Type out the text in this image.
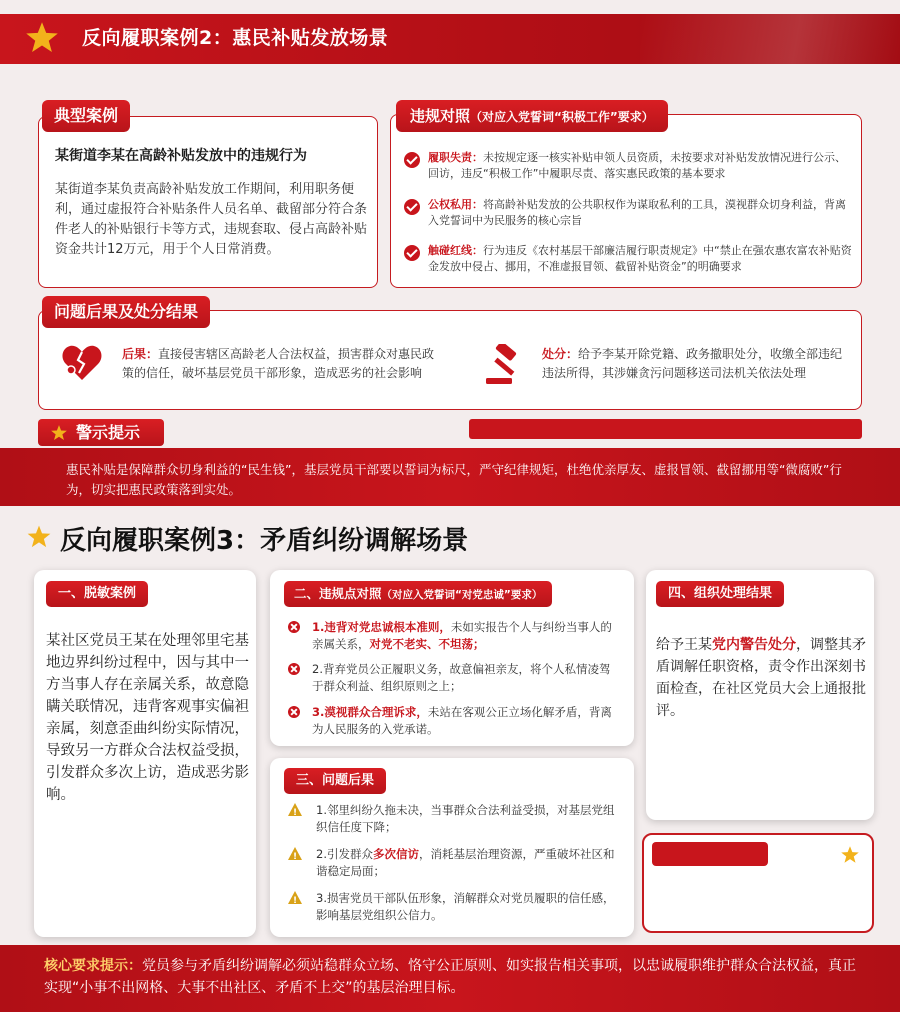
反向履职案例2：惠民补贴发放场景
典型案例
某街道李某在高龄补贴发放中的违规行为
某街道李某负责高龄补贴发放工作期间，利用职务便利，通过虚报符合补贴条件人员名单、截留部分符合条件老人的补贴银行卡等方式，违规套取、侵占高龄补贴资金共计12万元，用于个人日常消费。
违规对照（对应入党誓词“积极工作”要求）
履职失责：未按规定逐一核实补贴申领人员资质，未按要求对补贴发放情况进行公示、回访，违反“积极工作”中履职尽责、落实惠民政策的基本要求
公权私用：将高龄补贴发放的公共职权作为谋取私利的工具，漠视群众切身利益，背离入党誓词中为民服务的核心宗旨
触碰红线：行为违反《农村基层干部廉洁履行职责规定》中“禁止在强农惠农富农补贴资金发放中侵占、挪用，不准虚报冒领、截留补贴资金”的明确要求
问题后果及处分结果
后果：直接侵害辖区高龄老人合法权益，损害群众对惠民政策的信任，破坏基层党员干部形象，造成恶劣的社会影响
处分：给予李某开除党籍、政务撤职处分，收缴全部违纪违法所得，其涉嫌贪污问题移送司法机关依法处理
警示提示
惠民补贴是保障群众切身利益的“民生钱”，基层党员干部要以誓词为标尺，严守纪律规矩，杜绝优亲厚友、虚报冒领、截留挪用等“微腐败”行为，切实把惠民政策落到实处。
反向履职案例3：矛盾纠纷调解场景
一、脱敏案例
某社区党员王某在处理邻里宅基地边界纠纷过程中，因与其中一方当事人存在亲属关系，故意隐瞒关联情况，违背客观事实偏袒亲属，刻意歪曲纠纷实际情况，导致另一方群众合法权益受损，引发群众多次上访，造成恶劣影响。
二、违规点对照（对应入党誓词“对党忠诚”要求）
1.违背对党忠诚根本准则，未如实报告个人与纠纷当事人的亲属关系，对党不老实、不坦荡；
2.背弃党员公正履职义务，故意偏袒亲友，将个人私情凌驾于群众利益、组织原则之上；
3.漠视群众合理诉求，未站在客观公正立场化解矛盾，背离为人民服务的入党承诺。
三、问题后果
!
1.邻里纠纷久拖未决，当事群众合法利益受损，对基层党组织信任度下降；
!
2.引发群众多次信访，消耗基层治理资源，严重破坏社区和谐稳定局面；
!
3.损害党员干部队伍形象，消解群众对党员履职的信任感，影响基层党组织公信力。
四、组织处理结果
给予王某党内警告处分，调整其矛盾调解任职资格，责令作出深刻书面检查，在社区党员大会上通报批评。
核心要求提示：党员参与矛盾纠纷调解必须站稳群众立场、恪守公正原则、如实报告相关事项，以忠诚履职维护群众合法权益，真正实现“小事不出网格、大事不出社区、矛盾不上交”的基层治理目标。
